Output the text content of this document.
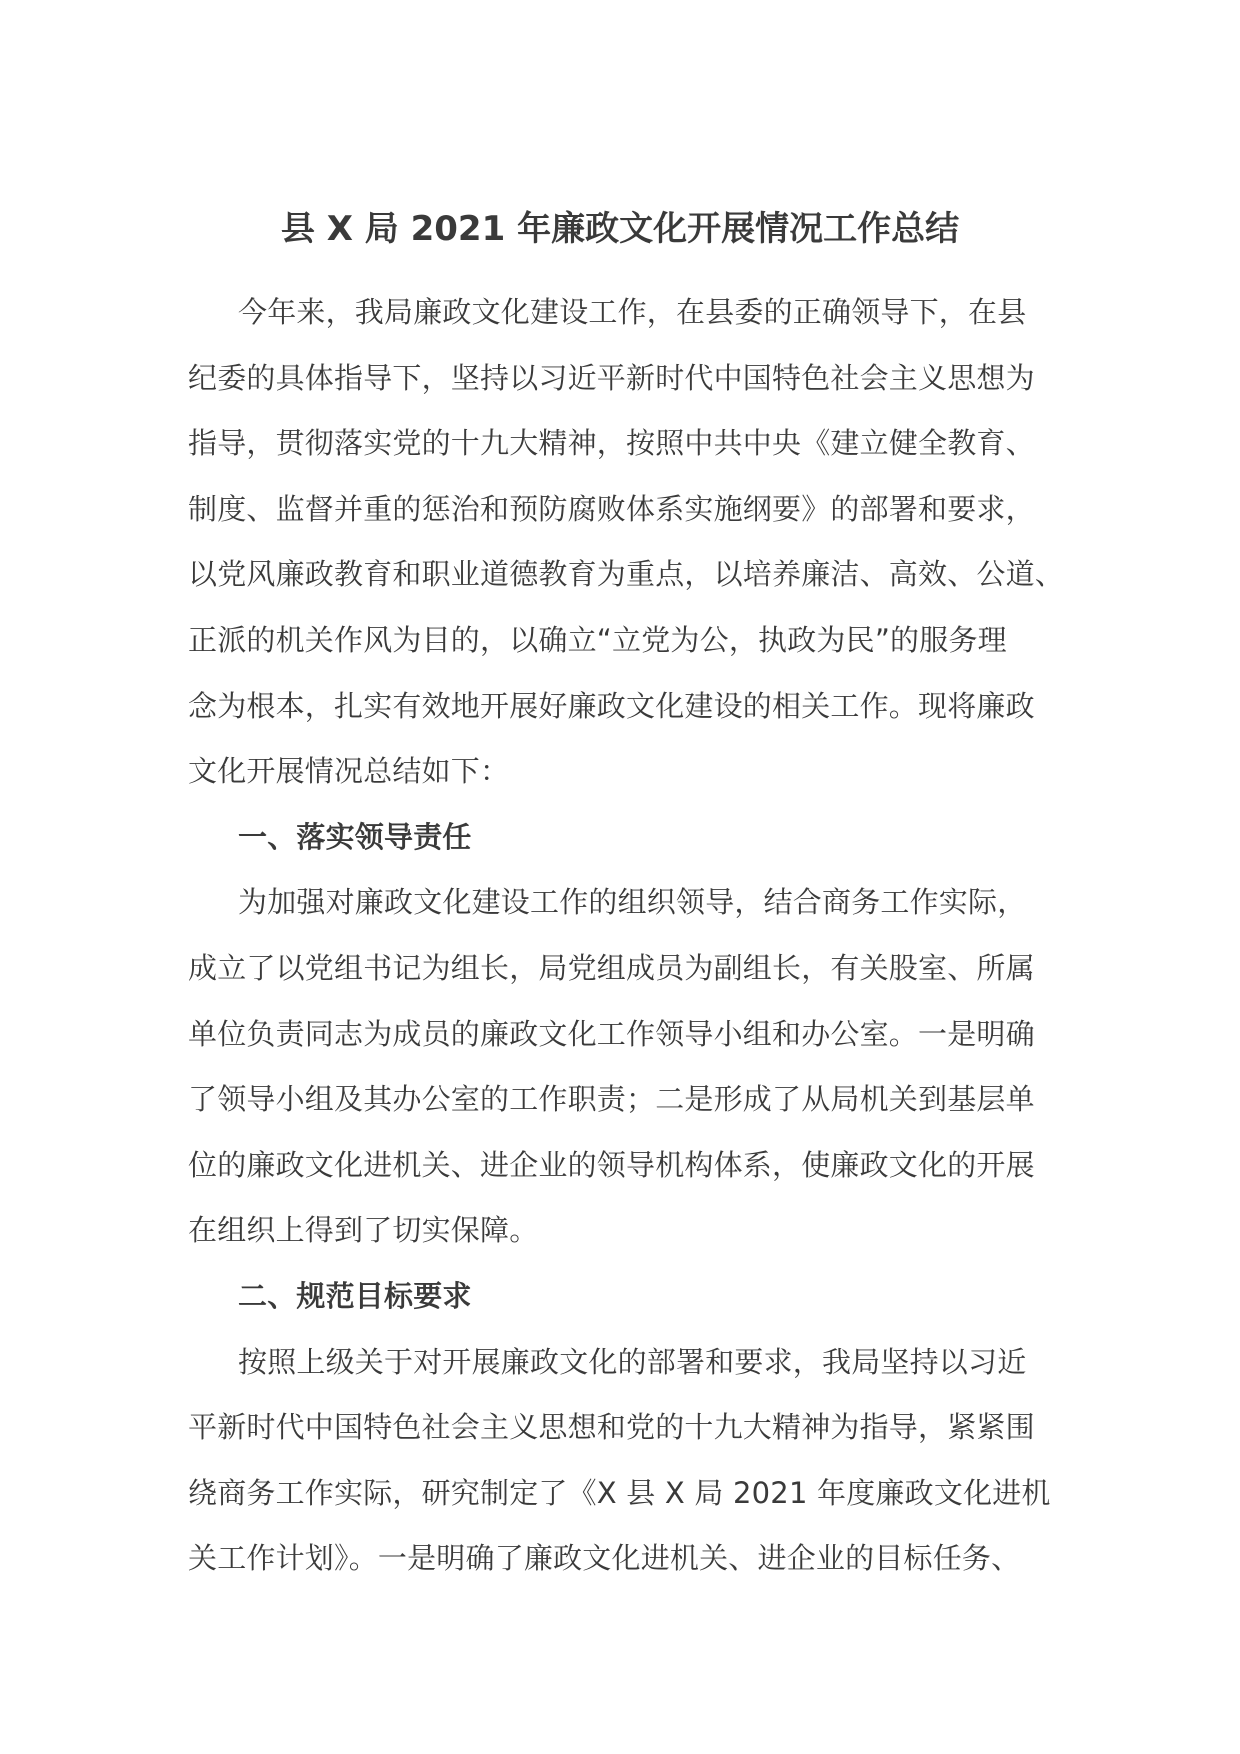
县 X 局 2021 年廉政文化开展情况工作总结
今年来，我局廉政文化建设工作，在县委的正确领导下，在县
纪委的具体指导下，坚持以习近平新时代中国特色社会主义思想为
指导，贯彻落实党的十九大精神，按照中共中央《建立健全教育、
制度、监督并重的惩治和预防腐败体系实施纲要》的部署和要求，
以党风廉政教育和职业道德教育为重点，以培养廉洁、高效、公道、
正派的机关作风为目的，以确立“立党为公，执政为民”的服务理
念为根本，扎实有效地开展好廉政文化建设的相关工作。现将廉政
文化开展情况总结如下：
一、落实领导责任
为加强对廉政文化建设工作的组织领导，结合商务工作实际，
成立了以党组书记为组长，局党组成员为副组长，有关股室、所属
单位负责同志为成员的廉政文化工作领导小组和办公室。一是明确
了领导小组及其办公室的工作职责；二是形成了从局机关到基层单
位的廉政文化进机关、进企业的领导机构体系，使廉政文化的开展
在组织上得到了切实保障。
二、规范目标要求
按照上级关于对开展廉政文化的部署和要求，我局坚持以习近
平新时代中国特色社会主义思想和党的十九大精神为指导，紧紧围
绕商务工作实际，研究制定了《X 县 X 局 2021 年度廉政文化进机
关工作计划》。一是明确了廉政文化进机关、进企业的目标任务、
